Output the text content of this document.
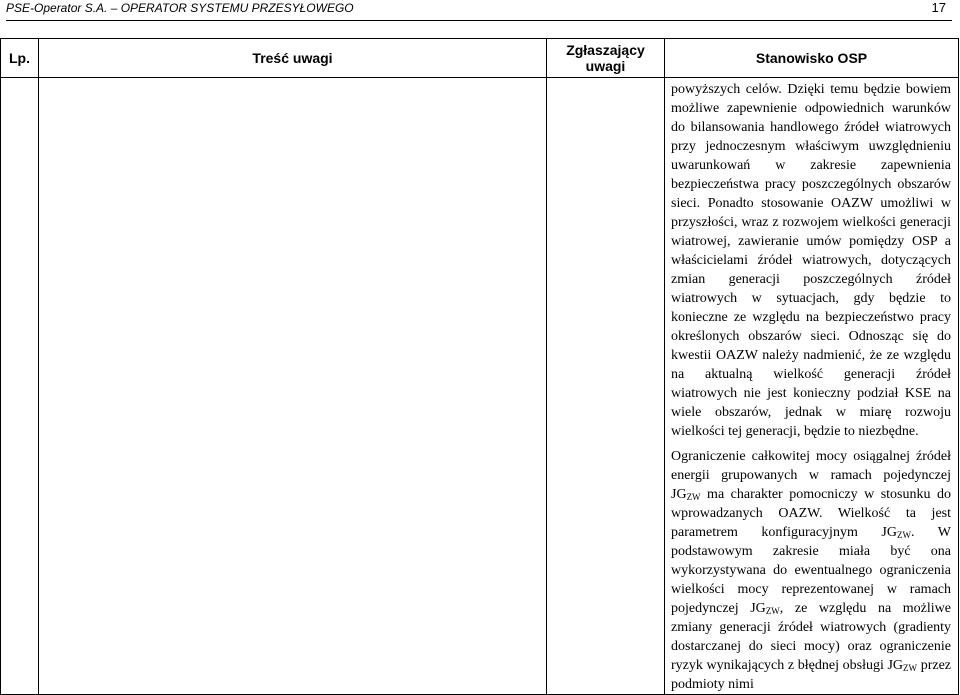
PSE-Operator S.A. – OPERATOR SYSTEMU PRZESYŁOWEGO	17
Lp.	Treść uwagi	Zgłaszający uwagi	Stanowisko OSP

			powyższych celów. Dzięki temu będzie bowiem możliwe zapewnienie odpowiednich warunków do bilansowania handlowego źródeł wiatrowych przy jednoczesnym właściwym uwzględnieniu uwarunkowań w zakresie zapewnienia bezpieczeństwa pracy poszczególnych obszarów sieci. Ponadto stosowanie OAZW umożliwi w przyszłości, wraz z rozwojem wielkości generacji wiatrowej, zawieranie umów pomiędzy OSP a właścicielami źródeł wiatrowych, dotyczących zmian generacji poszczególnych źródeł wiatrowych w sytuacjach, gdy będzie to konieczne ze względu na bezpieczeństwo pracy określonych obszarów sieci. Odnosząc się do kwestii OAZW należy nadmienić, że ze względu na aktualną wielkość generacji źródeł wiatrowych nie jest konieczny podział KSE na wiele obszarów, jednak w miarę rozwoju wielkości tej generacji, będzie to niezbędne.

Ograniczenie całkowitej mocy osiągalnej źródeł energii grupowanych w ramach pojedynczej $JG_{ZW}$ ma charakter pomocniczy w stosunku do wprowadzanych OAZW. Wielkość ta jest parametrem konfiguracyjnym $JG_{ZW}$. W podstawowym zakresie miała być ona wykorzystywana do ewentualnego ograniczenia wielkości mocy reprezentowanej w ramach pojedynczej $JG_{ZW}$, ze względu na możliwe zmiany generacji źródeł wiatrowych (gradienty dostarczanej do sieci mocy) oraz ograniczenie ryzyk wynikających z błędnej obsługi $JG_{ZW}$ przez podmioty nimi
